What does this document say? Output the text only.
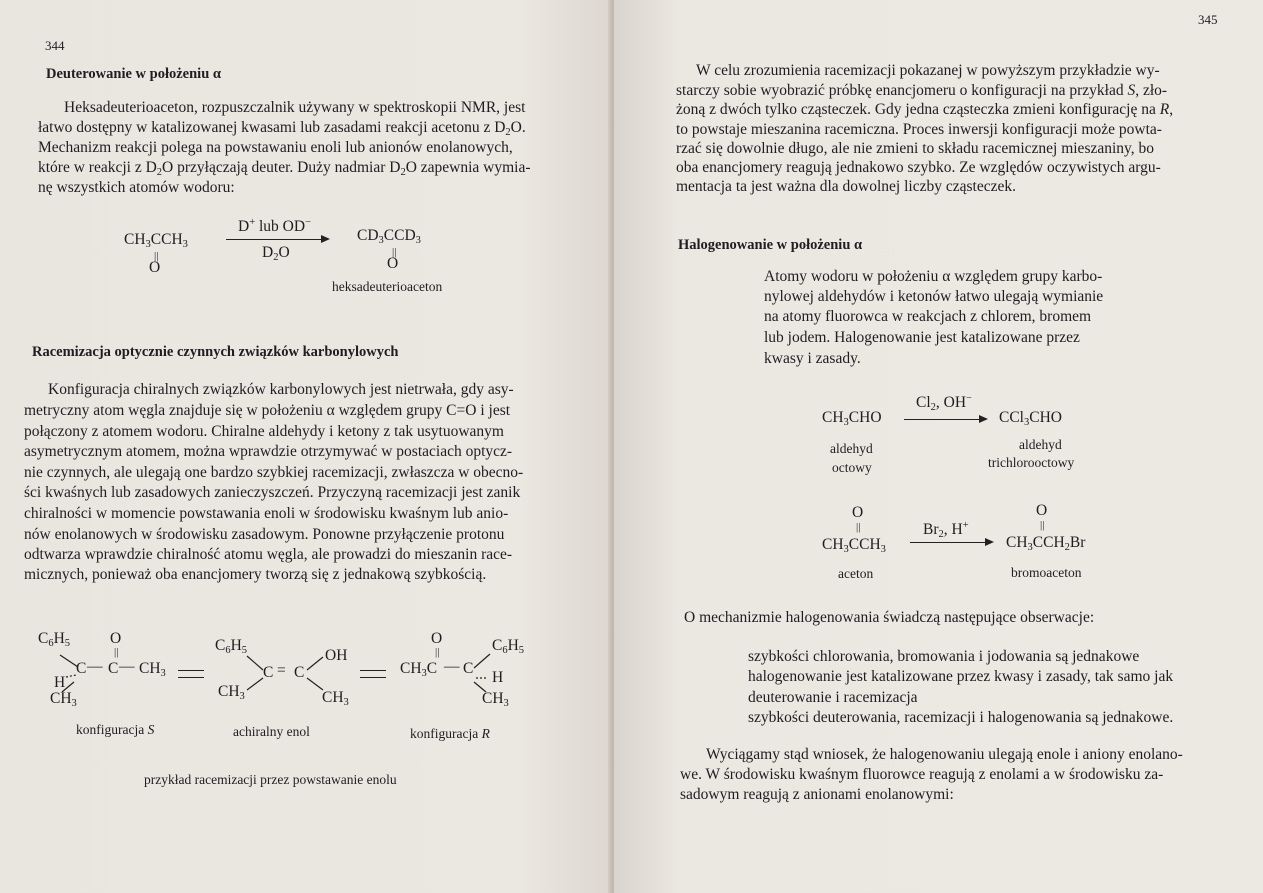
344
Deuterowanie w położeniu α
Heksadeuterioaceton, rozpuszczalnik używany w spektroskopii NMR, jest
łatwo dostępny w katalizowanej kwasami lub zasadami reakcji acetonu z $D_2O$.
Mechanizm reakcji polega na powstawaniu enoli lub anionów enolanowych,
które w reakcji z $D_2O$ przyłączają deuter. Duży nadmiar $D_2O$ zapewnia wymia-
nę wszystkich atomów wodoru:
$CH_3CCH_3$
||
O
D+ lub OD−
$D_2O$
$CD_3CCD_3$
||
O
heksadeuterioaceton
Racemizacja optycznie czynnych związków karbonylowych
Konfiguracja chiralnych związków karbonylowych jest nietrwała, gdy asy-
metryczny atom węgla znajduje się w położeniu α względem grupy C=O i jest
połączony z atomem wodoru. Chiralne aldehydy i ketony z tak usytuowanym
asymetrycznym atomem, można wprawdzie otrzymywać w postaciach optycz-
nie czynnych, ale ulegają one bardzo szybkiej racemizacji, zwłaszcza w obecno-
ści kwaśnych lub zasadowych zanieczyszczeń. Przyczyną racemizacji jest zanik
chiralności w momencie powstawania enoli w środowisku kwaśnym lub anio-
nów enolanowych w środowisku zasadowym. Ponowne przyłączenie protonu
odtwarza wprawdzie chiralność atomu węgla, ale prowadzi do mieszanin race-
micznych, ponieważ oba enancjomery tworzą się z jednakową szybkością.
$C_6H_5$	O
||
H
C — C — $CH_3$
$CH_3$
$C_6H_5$
C = C
OH
$CH_3$	$CH_3$
O
||
$CH_3C$ — C
$C_6H_5$
H
$CH_3$
konfiguracja S	achiralny enol	konfiguracja R
przykład racemizacji przez powstawanie enolu
345
W celu zrozumienia racemizacji pokazanej w powyższym przykładzie wy-
starczy sobie wyobrazić próbkę enancjomeru o konfiguracji na przykład S, zło-
żoną z dwóch tylko cząsteczek. Gdy jedna cząsteczka zmieni konfigurację na R,
to powstaje mieszanina racemiczna. Proces inwersji konfiguracji może powta-
rzać się dowolnie długo, ale nie zmieni to składu racemicznej mieszaniny, bo
oba enancjomery reagują jednakowo szybko. Ze względów oczywistych argu-
mentacja ta jest ważna dla dowolnej liczby cząsteczek.
Halogenowanie w położeniu α
Atomy wodoru w położeniu α względem grupy karbo-
nylowej aldehydów i ketonów łatwo ulegają wymianie
na atomy fluorowca w reakcjach z chlorem, bromem
lub jodem. Halogenowanie jest katalizowane przez
kwasy i zasady.
$CH_3CHO$
$Cl_2$, OH−
CCl$_3$CHO
aldehyd
octowy
aldehyd
trichlorooctowy
O
||
$CH_3CCH_3$
$Br_2$, H+
O
||
$CH_3CCH_2Br$
aceton	bromoaceton
O mechanizmie halogenowania świadczą następujące obserwacje:
szybkości chlorowania, bromowania i jodowania są jednakowe
halogenowanie jest katalizowane przez kwasy i zasady, tak samo jak
deuterowanie i racemizacja
szybkości deuterowania, racemizacji i halogenowania są jednakowe.
Wyciągamy stąd wniosek, że halogenowaniu ulegają enole i aniony enolano-
we. W środowisku kwaśnym fluorowce reagują z enolami a w środowisku za-
sadowym reagują z anionami enolanowymi:
